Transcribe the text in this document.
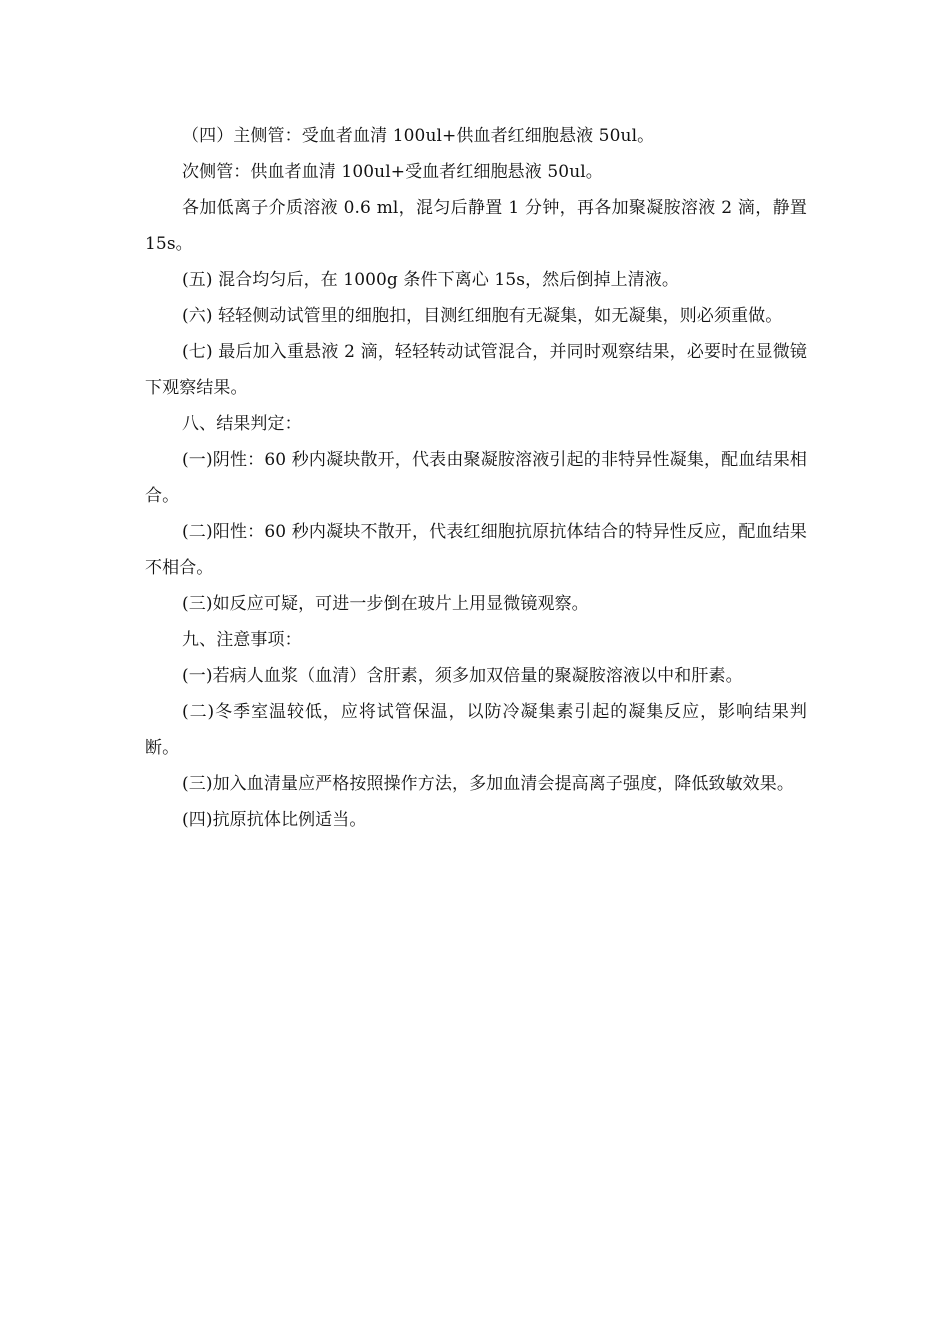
（四）主侧管：受血者血清 100ul+供血者红细胞悬液 50ul。

次侧管：供血者血清 100ul+受血者红细胞悬液 50ul。

各加低离子介质溶液 0.6 ml，混匀后静置 1 分钟，再各加聚凝胺溶液 2 滴，静置 15s。

(五) 混合均匀后，在 1000g 条件下离心 15s，然后倒掉上清液。

(六) 轻轻侧动试管里的细胞扣，目测红细胞有无凝集，如无凝集，则必须重做。

(七) 最后加入重悬液 2 滴，轻轻转动试管混合，并同时观察结果，必要时在显微镜下观察结果。

八、结果判定：

(一)阴性：60 秒内凝块散开，代表由聚凝胺溶液引起的非特异性凝集，配血结果相合。

(二)阳性：60 秒内凝块不散开，代表红细胞抗原抗体结合的特异性反应，配血结果不相合。

(三)如反应可疑，可进一步倒在玻片上用显微镜观察。

九、注意事项：

(一)若病人血浆（血清）含肝素，须多加双倍量的聚凝胺溶液以中和肝素。

(二)冬季室温较低，应将试管保温，以防冷凝集素引起的凝集反应，影响结果判断。

(三)加入血清量应严格按照操作方法，多加血清会提高离子强度，降低致敏效果。

(四)抗原抗体比例适当。
